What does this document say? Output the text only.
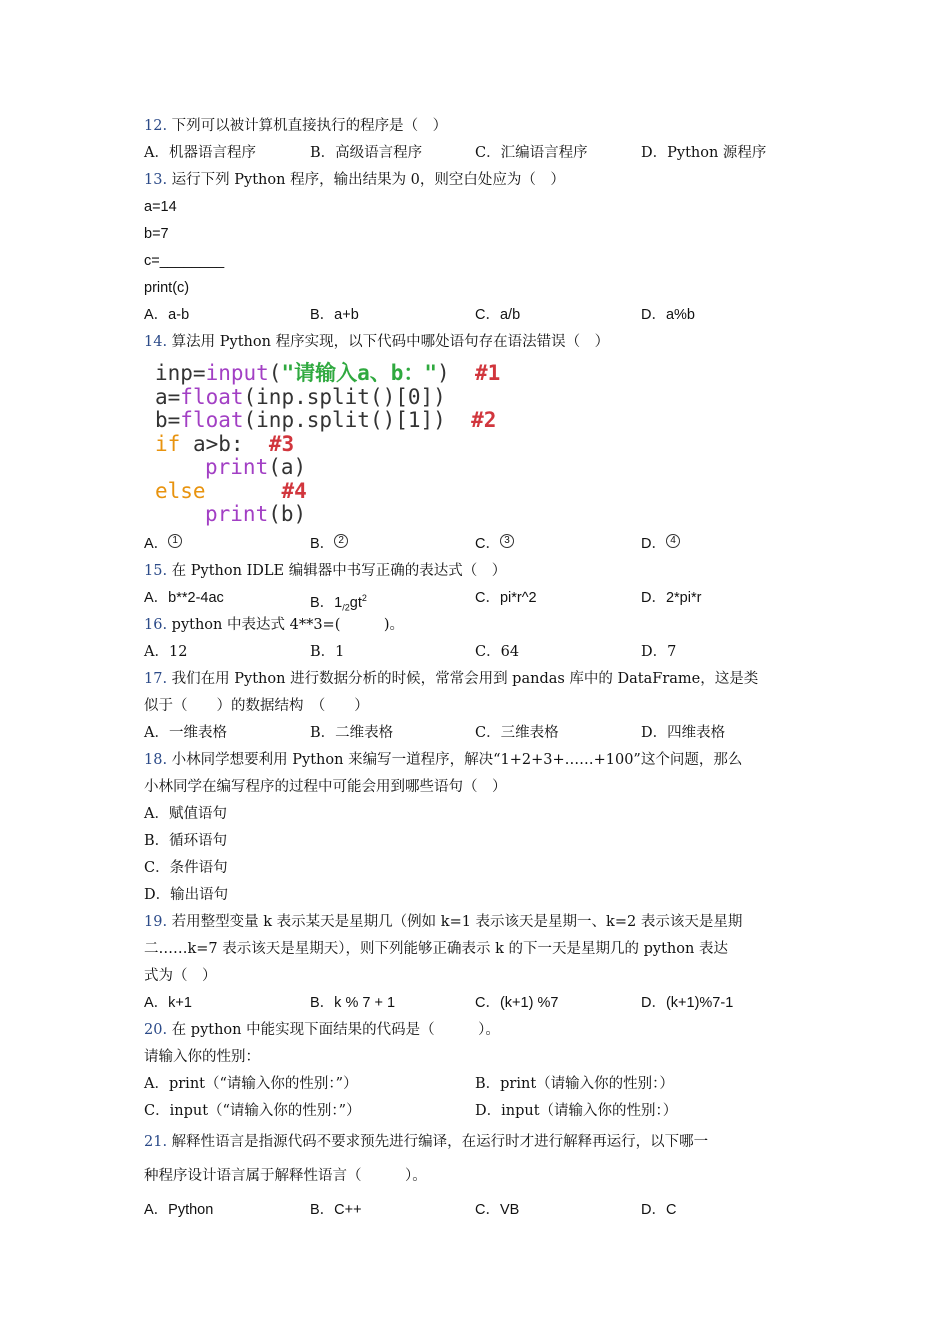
12. 下列可以被计算机直接执行的程序是（　）
A．机器语言程序	B．高级语言程序	C．汇编语言程序	D．Python 源程序
13. 运行下列 Python 程序，输出结果为 0，则空白处应为（　）
a=14
b=7
c=________
print(c)
A．a-b	B．a+b	C．a/b	D．a%b
14. 算法用 Python 程序实现，以下代码中哪处语句存在语法错误（　）
inp=input("请输入a、b：") #1
a=float(inp.split()[0])
b=float(inp.split()[1]) #2
if a>b: #3
print(a)
else	#4
print(b)
A． 1	B． 2	C． 3	D． 4
15. 在 Python IDLE 编辑器中书写正确的表达式（　）
A．b**2-4ac	B．$1_{/2}gt^2$	C．pi*r^2	D．2*pi*r
16. python 中表达式 4**3=(　　　)。
A．12	B．1	C．64	D．7
17. 我们在用 Python 进行数据分析的时候，常常会用到 pandas 库中的 DataFrame，这是类
似于（　　）的数据结构　（　　）
A．一维表格	B．二维表格	C．三维表格	D．四维表格
18. 小林同学想要利用 Python 来编写一道程序，解决“1+2+3+……+100”这个问题，那么
小林同学在编写程序的过程中可能会用到哪些语句（　）
A．赋值语句
B．循环语句
C．条件语句
D．输出语句
19. 若用整型变量 k 表示某天是星期几（例如 k=1 表示该天是星期一、k=2 表示该天是星期
二……k=7 表示该天是星期天），则下列能够正确表示 k 的下一天是星期几的 python 表达
式为（　）
A．k+1	B．k % 7 + 1	C．(k+1) %7	D．(k+1)%7-1
20. 在 python 中能实现下面结果的代码是（　　　）。
请输入你的性别：
A．print（“请输入你的性别：”）	B．print（请输入你的性别：）
C．input（“请输入你的性别：”）	D．input（请输入你的性别：）
21. 解释性语言是指源代码不要求预先进行编译，在运行时才进行解释再运行，以下哪一
种程序设计语言属于解释性语言（　　　）。
A．Python	B．C++	C．VB	D．C
